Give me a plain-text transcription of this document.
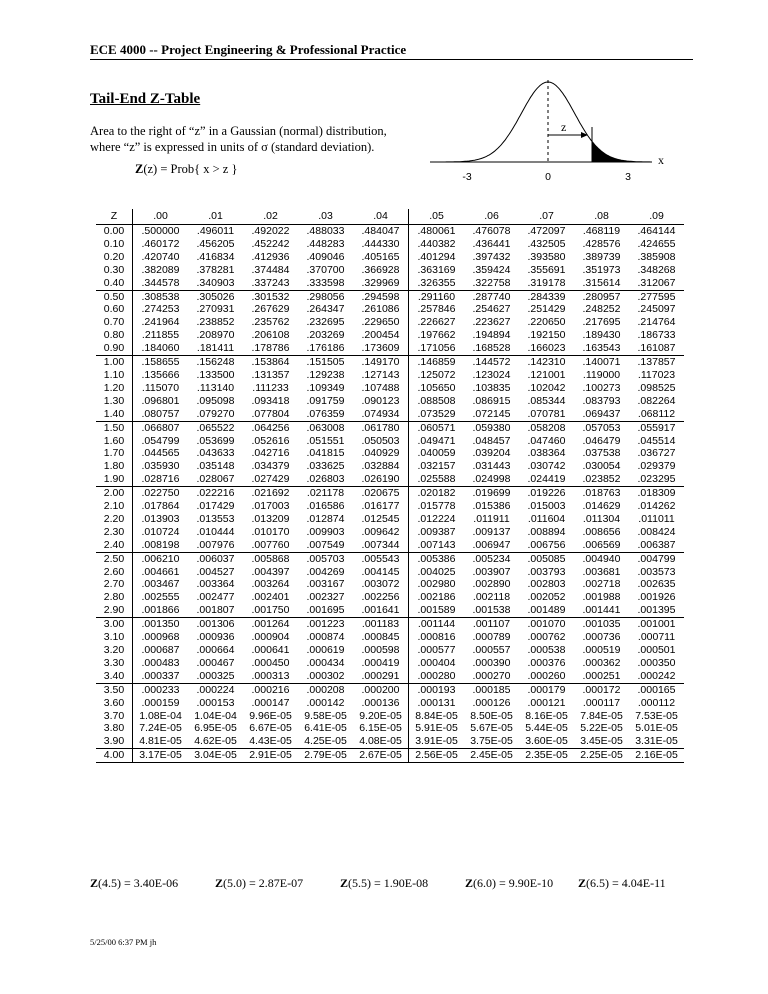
ECE 4000 -- Project Engineering & Professional Practice
Tail-End Z-Table
Area to the right of “z” in a Gaussian (normal) distribution,
where “z” is expressed in units of σ (standard deviation).
Z(z) = Prob{ x > z }
z
x
-3	0	3
Z	.00	.01	.02	.03	.04	.05	.06	.07	.08	.09
0.00	.500000	.496011	.492022	.488033	.484047	.480061	.476078	.472097	.468119	.464144
0.10	.460172	.456205	.452242	.448283	.444330	.440382	.436441	.432505	.428576	.424655
0.20	.420740	.416834	.412936	.409046	.405165	.401294	.397432	.393580	.389739	.385908
0.30	.382089	.378281	.374484	.370700	.366928	.363169	.359424	.355691	.351973	.348268
0.40	.344578	.340903	.337243	.333598	.329969	.326355	.322758	.319178	.315614	.312067
0.50	.308538	.305026	.301532	.298056	.294598	.291160	.287740	.284339	.280957	.277595
0.60	.274253	.270931	.267629	.264347	.261086	.257846	.254627	.251429	.248252	.245097
0.70	.241964	.238852	.235762	.232695	.229650	.226627	.223627	.220650	.217695	.214764
0.80	.211855	.208970	.206108	.203269	.200454	.197662	.194894	.192150	.189430	.186733
0.90	.184060	.181411	.178786	.176186	.173609	.171056	.168528	.166023	.163543	.161087
1.00	.158655	.156248	.153864	.151505	.149170	.146859	.144572	.142310	.140071	.137857
1.10	.135666	.133500	.131357	.129238	.127143	.125072	.123024	.121001	.119000	.117023
1.20	.115070	.113140	.111233	.109349	.107488	.105650	.103835	.102042	.100273	.098525
1.30	.096801	.095098	.093418	.091759	.090123	.088508	.086915	.085344	.083793	.082264
1.40	.080757	.079270	.077804	.076359	.074934	.073529	.072145	.070781	.069437	.068112
1.50	.066807	.065522	.064256	.063008	.061780	.060571	.059380	.058208	.057053	.055917
1.60	.054799	.053699	.052616	.051551	.050503	.049471	.048457	.047460	.046479	.045514
1.70	.044565	.043633	.042716	.041815	.040929	.040059	.039204	.038364	.037538	.036727
1.80	.035930	.035148	.034379	.033625	.032884	.032157	.031443	.030742	.030054	.029379
1.90	.028716	.028067	.027429	.026803	.026190	.025588	.024998	.024419	.023852	.023295
2.00	.022750	.022216	.021692	.021178	.020675	.020182	.019699	.019226	.018763	.018309
2.10	.017864	.017429	.017003	.016586	.016177	.015778	.015386	.015003	.014629	.014262
2.20	.013903	.013553	.013209	.012874	.012545	.012224	.011911	.011604	.011304	.011011
2.30	.010724	.010444	.010170	.009903	.009642	.009387	.009137	.008894	.008656	.008424
2.40	.008198	.007976	.007760	.007549	.007344	.007143	.006947	.006756	.006569	.006387
2.50	.006210	.006037	.005868	.005703	.005543	.005386	.005234	.005085	.004940	.004799
2.60	.004661	.004527	.004397	.004269	.004145	.004025	.003907	.003793	.003681	.003573
2.70	.003467	.003364	.003264	.003167	.003072	.002980	.002890	.002803	.002718	.002635
2.80	.002555	.002477	.002401	.002327	.002256	.002186	.002118	.002052	.001988	.001926
2.90	.001866	.001807	.001750	.001695	.001641	.001589	.001538	.001489	.001441	.001395
3.00	.001350	.001306	.001264	.001223	.001183	.001144	.001107	.001070	.001035	.001001
3.10	.000968	.000936	.000904	.000874	.000845	.000816	.000789	.000762	.000736	.000711
3.20	.000687	.000664	.000641	.000619	.000598	.000577	.000557	.000538	.000519	.000501
3.30	.000483	.000467	.000450	.000434	.000419	.000404	.000390	.000376	.000362	.000350
3.40	.000337	.000325	.000313	.000302	.000291	.000280	.000270	.000260	.000251	.000242
3.50	.000233	.000224	.000216	.000208	.000200	.000193	.000185	.000179	.000172	.000165
3.60	.000159	.000153	.000147	.000142	.000136	.000131	.000126	.000121	.000117	.000112
3.70	1.08E-04	1.04E-04	9.96E-05	9.58E-05	9.20E-05	8.84E-05	8.50E-05	8.16E-05	7.84E-05	7.53E-05
3.80	7.24E-05	6.95E-05	6.67E-05	6.41E-05	6.15E-05	5.91E-05	5.67E-05	5.44E-05	5.22E-05	5.01E-05
3.90	4.81E-05	4.62E-05	4.43E-05	4.25E-05	4.08E-05	3.91E-05	3.75E-05	3.60E-05	3.45E-05	3.31E-05
4.00	3.17E-05	3.04E-05	2.91E-05	2.79E-05	2.67E-05	2.56E-05	2.45E-05	2.35E-05	2.25E-05	2.16E-05
Z(4.5) = 3.40E-06	Z(5.0) = 2.87E-07	Z(5.5) = 1.90E-08	Z(6.0) = 9.90E-10 Z(6.5) = 4.04E-11
5/25/00 6:37 PM jh
